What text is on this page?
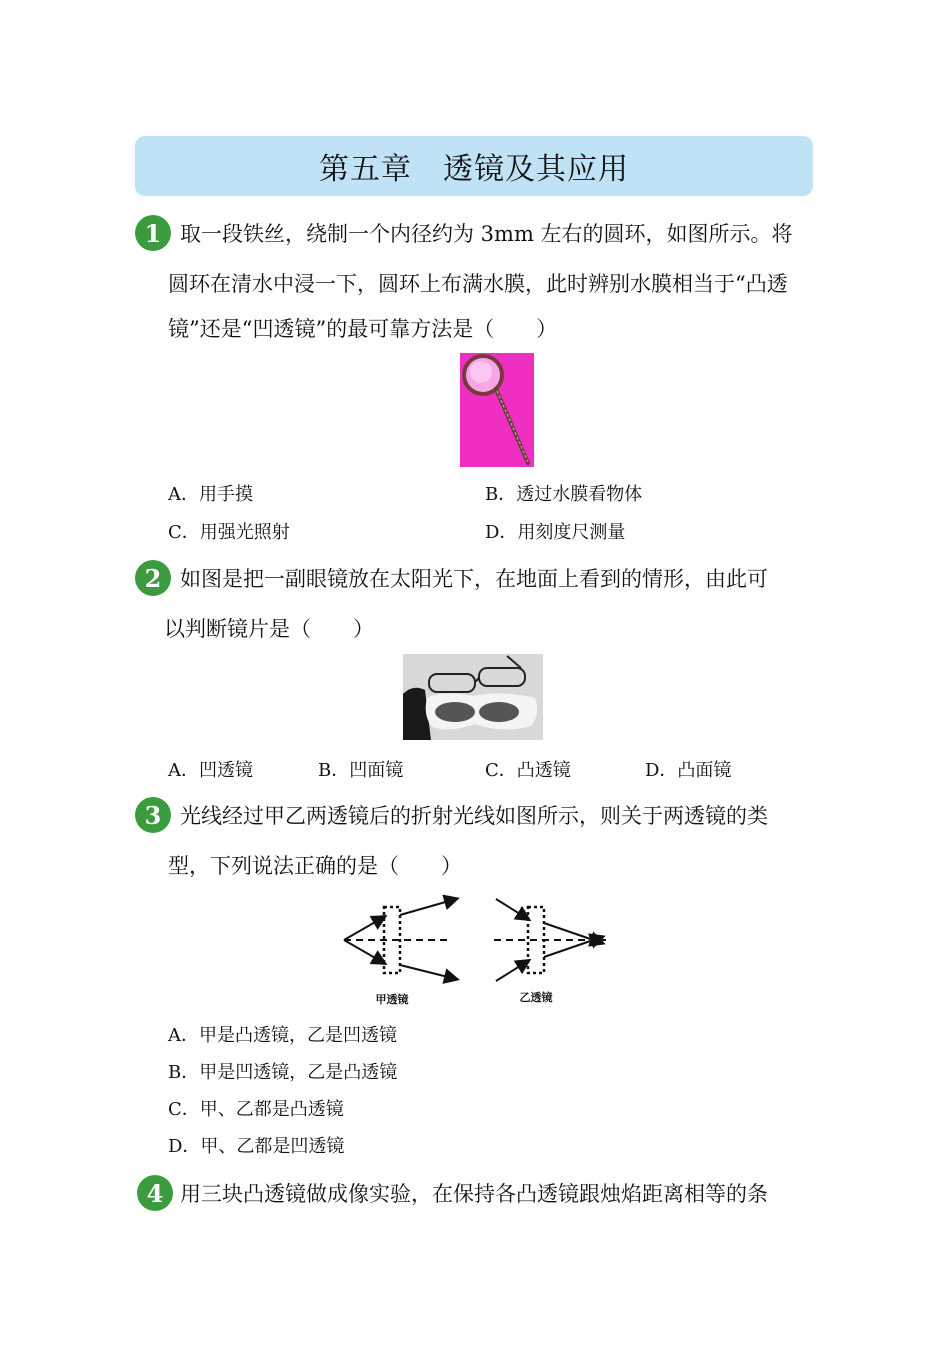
第五章　透镜及其应用
1 取一段铁丝，绕制一个内径约为 3mm 左右的圆环，如图所示。将
圆环在清水中浸一下，圆环上布满水膜，此时辨别水膜相当于“凸透
镜”还是“凹透镜”的最可靠方法是（　　）
A．用手摸	B．透过水膜看物体
C．用强光照射	D．用刻度尺测量
2 如图是把一副眼镜放在太阳光下，在地面上看到的情形，由此可
以判断镜片是（　　）
A．凹透镜	B．凹面镜	C．凸透镜	D．凸面镜
3 光线经过甲乙两透镜后的折射光线如图所示，则关于两透镜的类
型，下列说法正确的是（　　）
甲透镜	乙透镜
A．甲是凸透镜，乙是凹透镜
B．甲是凹透镜，乙是凸透镜
C．甲、乙都是凸透镜
D．甲、乙都是凹透镜
4 用三块凸透镜做成像实验，在保持各凸透镜跟烛焰距离相等的条
